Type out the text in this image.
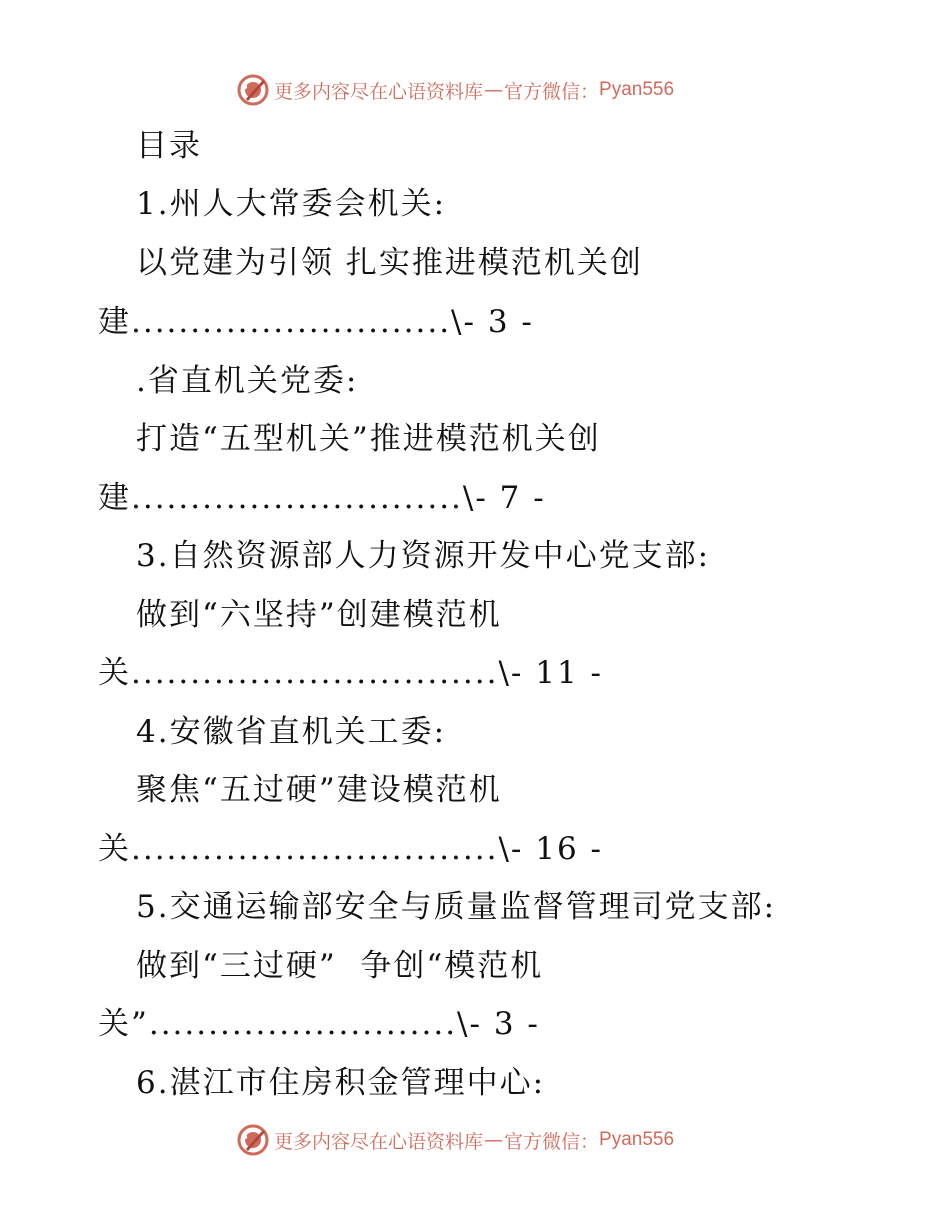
更多内容尽在心语资料库 — 官方微信： Pyan556
目录
1.州人大常委会机关:
以党建为引领 扎实推进模范机关创
建...........................\- 3 -
.省直机关党委:
打造“五型机关”推进模范机关创
建............................\- 7 -
3.自然资源部人力资源开发中心党支部:
做到“六坚持”创建模范机
关...............................\- 11 -
4.安徽省直机关工委:
聚焦“五过硬”建设模范机
关...............................\- 16 -
5.交通运输部安全与质量监督管理司党支部:
做到“三过硬”  争创“模范机
关”..........................\- 3 -
6.湛江市住房积金管理中心:
更多内容尽在心语资料库 — 官方微信： Pyan556
